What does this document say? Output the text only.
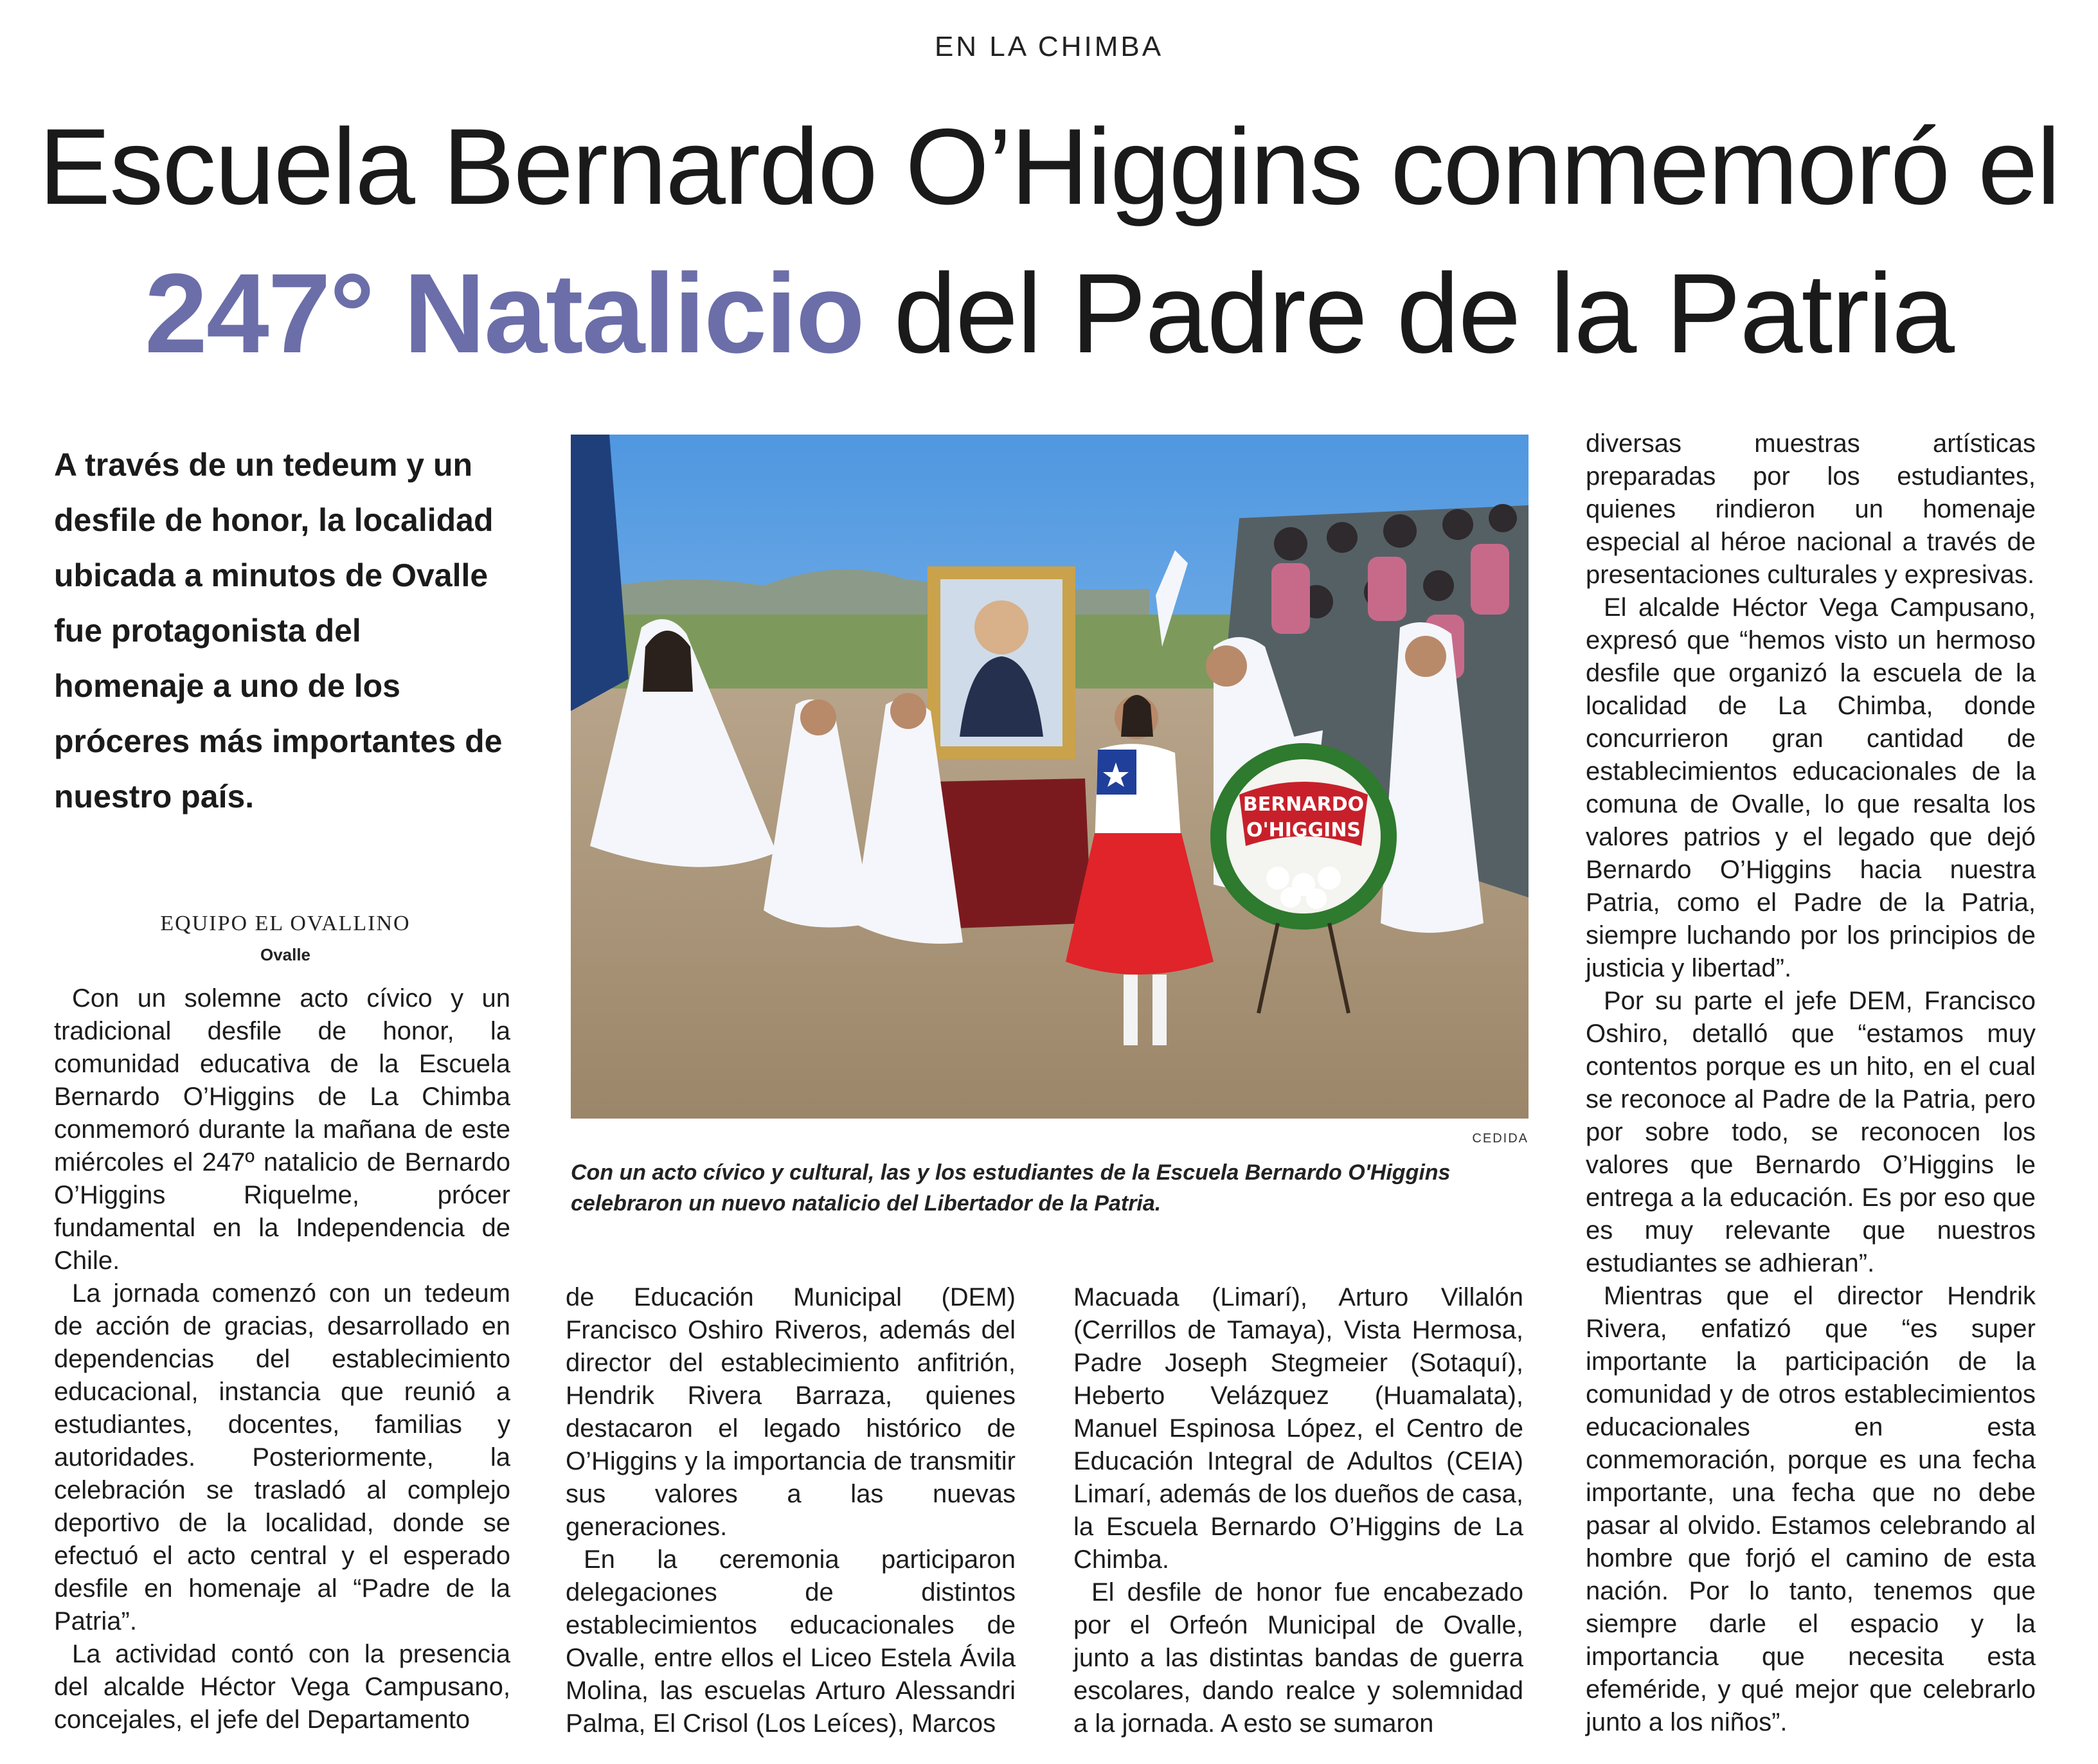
EN LA CHIMBA
Escuela Bernardo O’Higgins conmemoró el
247° Natalicio del Padre de la Patria
A través de un tedeum y un desfile de honor, la localidad ubicada a minutos de Ovalle fue protagonista del homenaje a uno de los próceres más importantes de nuestro país.
EQUIPO EL OVALLINO
Ovalle

Con un solemne acto cívico y un tradicional desfile de honor, la comunidad educativa de la Escuela Bernardo O’Higgins de La Chimba conmemoró durante la mañana de este miércoles el 247º natalicio de Bernardo O’Higgins Riquelme, prócer fundamental en la Independencia de Chile.

La jornada comenzó con un tedeum de acción de gracias, desarrollado en dependencias del establecimiento educacional, instancia que reunió a estudiantes, docentes, familias y autoridades. Posteriormente, la celebración se trasladó al complejo deportivo de la localidad, donde se efectuó el acto central y el esperado desfile en homenaje al “Padre de la Patria”.

La actividad contó con la presencia del alcalde Héctor Vega Campusano, concejales, el jefe del Departamento

BERNARDO
O'HIGGINS
CEDIDA
Con un acto cívico y cultural, las y los estudiantes de la Escuela Bernardo O'Higgins celebraron un nuevo natalicio del Libertador de la Patria.

de Educación Municipal (DEM) Francisco Oshiro Riveros, además del director del establecimiento anfitrión, Hendrik Rivera Barraza, quienes destacaron el legado histórico de O’Higgins y la importancia de transmitir sus valores a las nuevas generaciones.

En la ceremonia participaron delegaciones de distintos establecimientos educacionales de Ovalle, entre ellos el Liceo Estela Ávila Molina, las escuelas Arturo Alessandri Palma, El Crisol (Los Leíces), Marcos

Macuada (Limarí), Arturo Villalón (Cerrillos de Tamaya), Vista Hermosa, Padre Joseph Stegmeier (Sotaquí), Heberto Velázquez (Huamalata), Manuel Espinosa López, el Centro de Educación Integral de Adultos (CEIA) Limarí, además de los dueños de casa, la Escuela Bernardo O’Higgins de La Chimba.

El desfile de honor fue encabezado por el Orfeón Municipal de Ovalle, junto a las distintas bandas de guerra escolares, dando realce y solemnidad a la jornada. A esto se sumaron

diversas muestras artísticas preparadas por los estudiantes, quienes rindieron un homenaje especial al héroe nacional a través de presentaciones culturales y expresivas.

El alcalde Héctor Vega Campusano, expresó que “hemos visto un hermoso desfile que organizó la escuela de la localidad de La Chimba, donde concurrieron gran cantidad de establecimientos educacionales de la comuna de Ovalle, lo que resalta los valores patrios y el legado que dejó Bernardo O’Higgins hacia nuestra Patria, como el Padre de la Patria, siempre luchando por los principios de justicia y libertad”.

Por su parte el jefe DEM, Francisco Oshiro, detalló que “estamos muy contentos porque es un hito, en el cual se reconoce al Padre de la Patria, pero por sobre todo, se reconocen los valores que Bernardo O’Higgins le entrega a la educación. Es por eso que es muy relevante que nuestros estudiantes se adhieran”.

Mientras que el director Hendrik Rivera, enfatizó que “es super importante la participación de la comunidad y de otros establecimientos educacionales en esta conmemoración, porque es una fecha importante, una fecha que no debe pasar al olvido. Estamos celebrando al hombre que forjó el camino de esta nación. Por lo tanto, tenemos que siempre darle el espacio y la importancia que necesita esta efeméride, y qué mejor que celebrarlo junto a los niños”.
